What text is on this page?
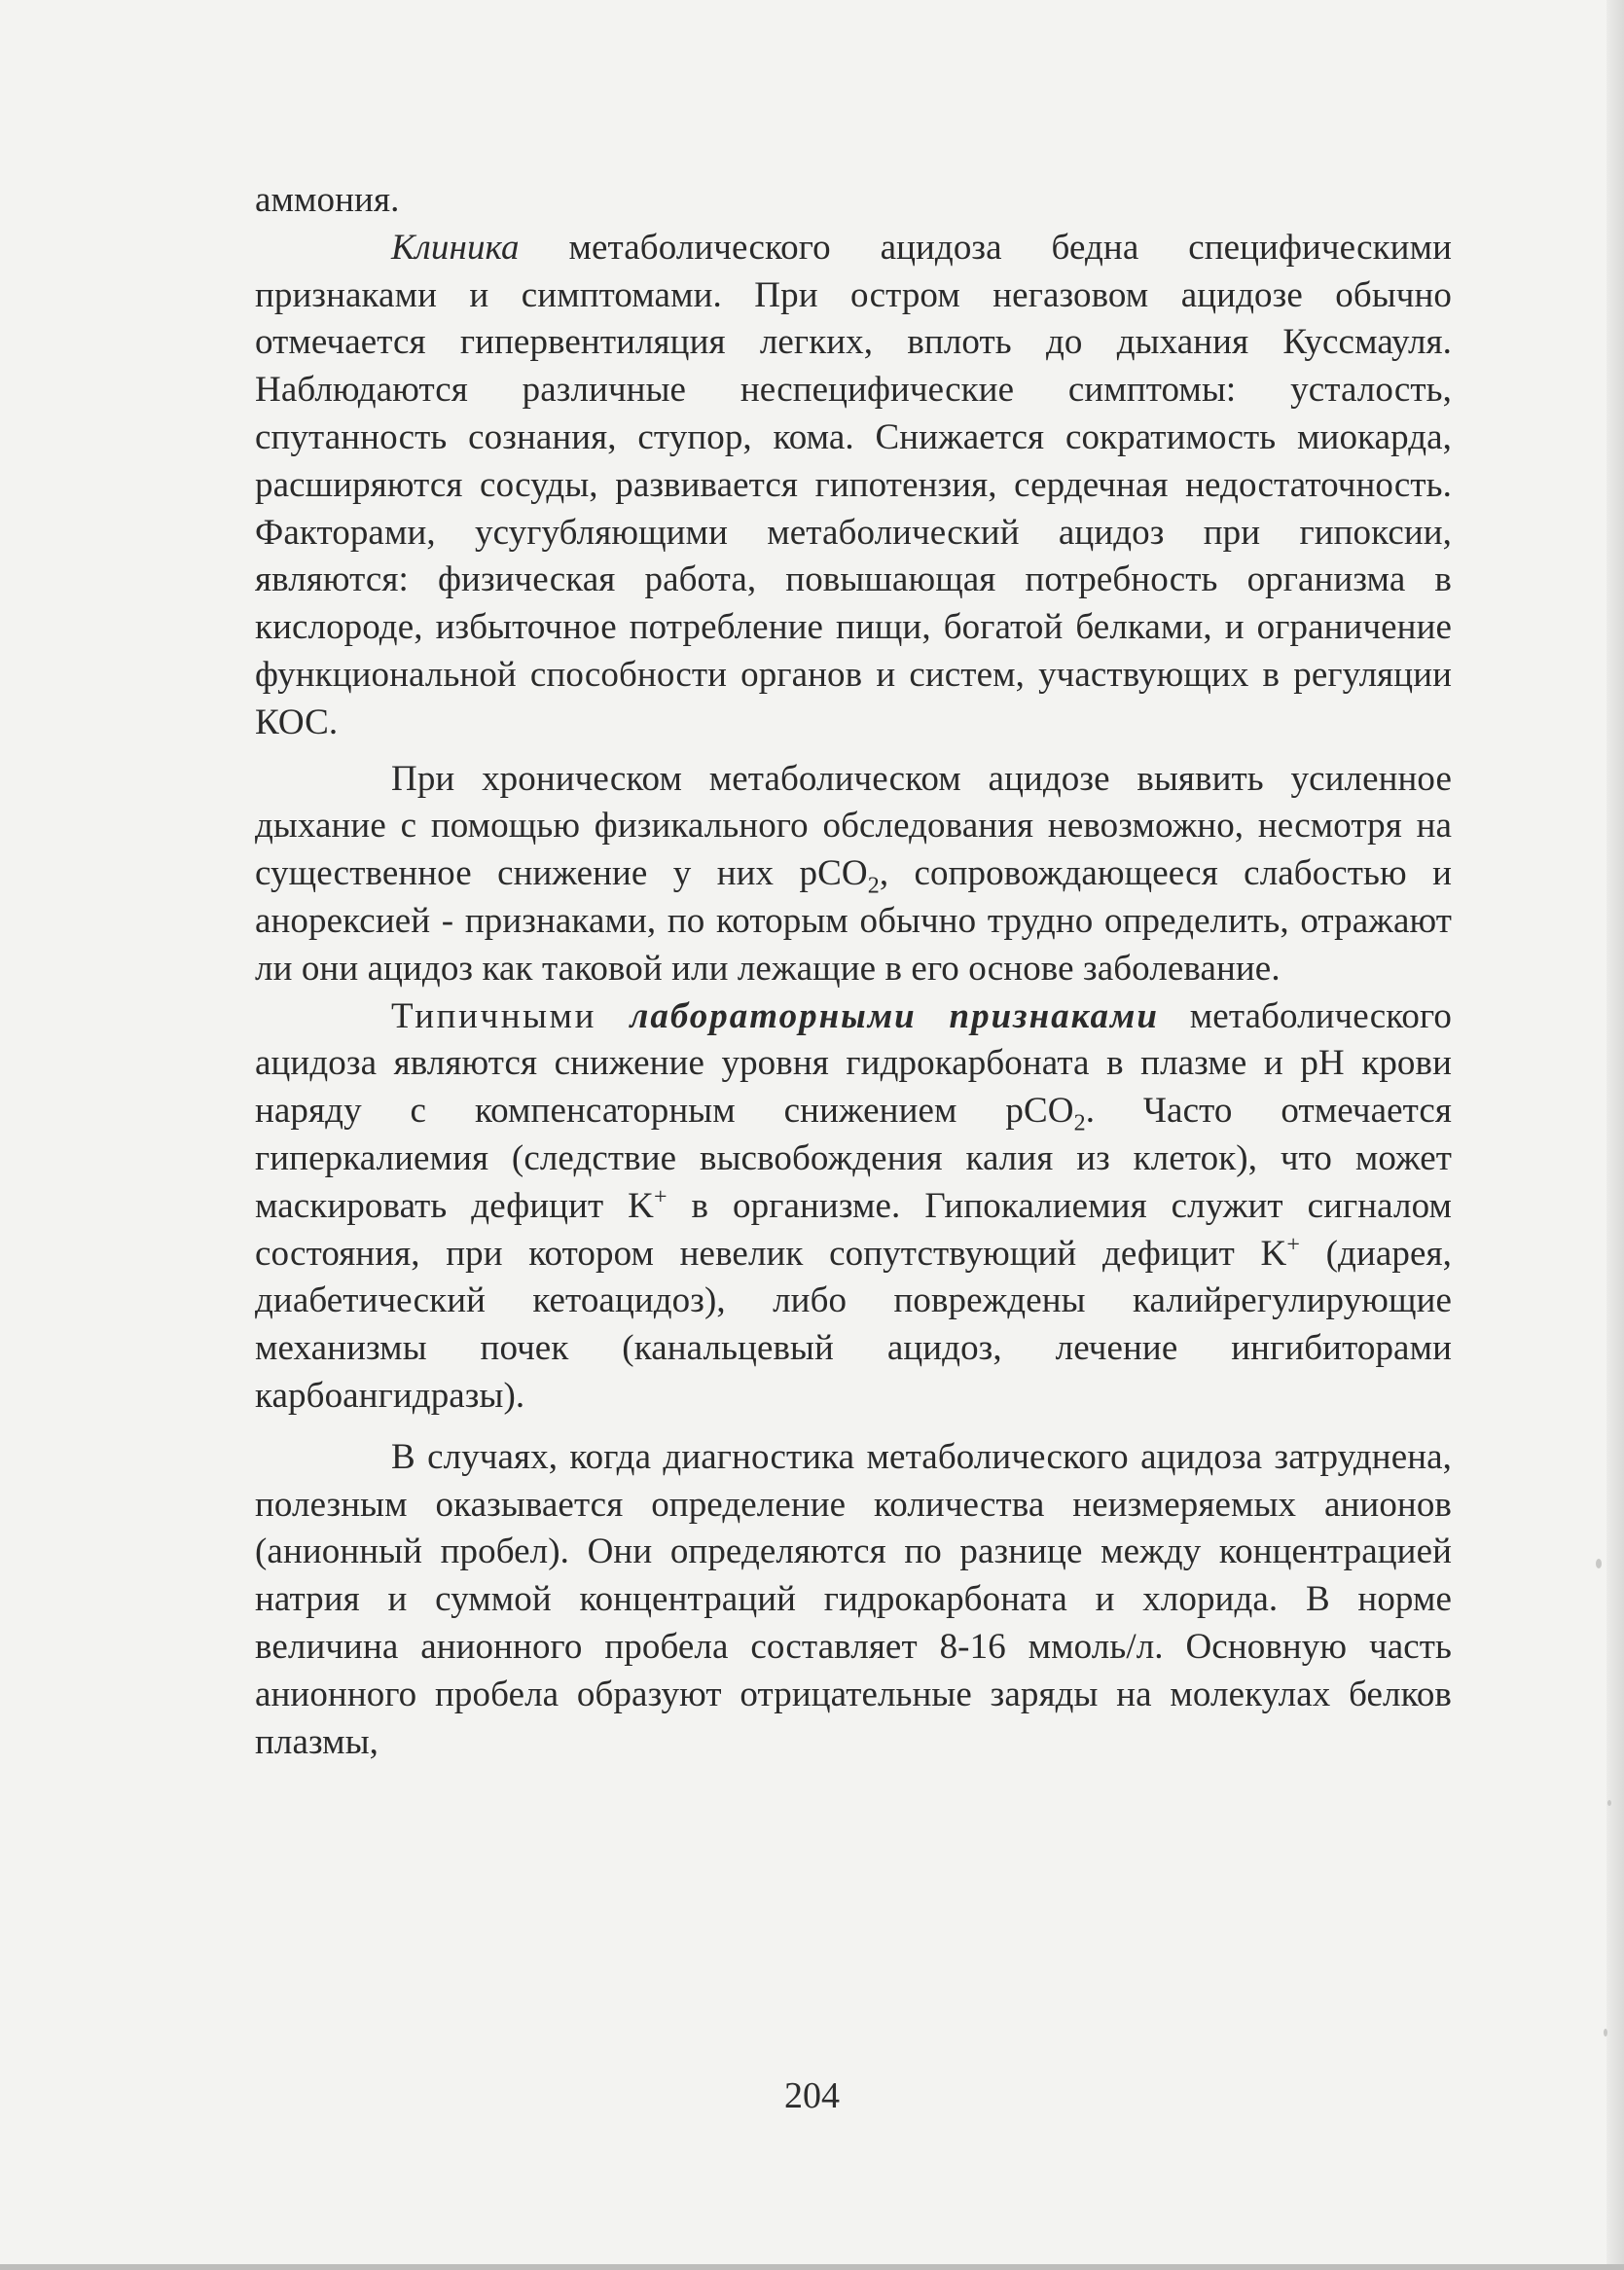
аммония.

Клиника метаболического ацидоза бедна специфическими признаками и симптомами. При остром негазовом ацидозе обычно отмечается гипервентиляция легких, вплоть до дыхания Куссмауля. Наблюдаются различные неспецифические симптомы: усталость, спутанность сознания, ступор, кома. Снижается сократимость миокарда, расширяются сосуды, развивается гипотензия, сердечная недостаточность. Факторами, усугубляющими метаболический ацидоз при гипоксии, являются: физическая работа, повышающая потребность организма в кислороде, избыточное потребление пищи, богатой белками, и ограничение функциональной способности органов и систем, участвующих в регуляции КОС.

При хроническом метаболическом ацидозе выявить усиленное дыхание с помощью физикального обследования невозможно, несмотря на существенное снижение у них pCO$_2$, сопровождающееся слабостью и анорексией - признаками, по которым обычно трудно определить, отражают ли они ацидоз как таковой или лежащие в его основе заболевание.

Типичными лабораторными признаками метаболического ацидоза являются снижение уровня гидрокарбоната в плазме и pH крови наряду с компенсаторным снижением pCO$_2$. Часто отмечается гиперкалиемия (следствие высвобождения калия из клеток), что может маскировать дефицит K+ в организме. Гипокалиемия служит сигналом состояния, при котором невелик сопутствующий дефицит K+ (диарея, диабетический кетоацидоз), либо повреждены калийрегулирующие механизмы почек (канальцевый ацидоз, лечение ингибиторами карбоангидразы).

В случаях, когда диагностика метаболического ацидоза затруднена, полезным оказывается определение количества неизмеряемых анионов (анионный пробел). Они определяются по разнице между концентрацией натрия и суммой концентраций гидрокарбоната и хлорида. В норме величина анионного пробела составляет 8-16 ммоль/л. Основную часть анионного пробела образуют отрицательные заряды на молекулах белков плазмы,

204
